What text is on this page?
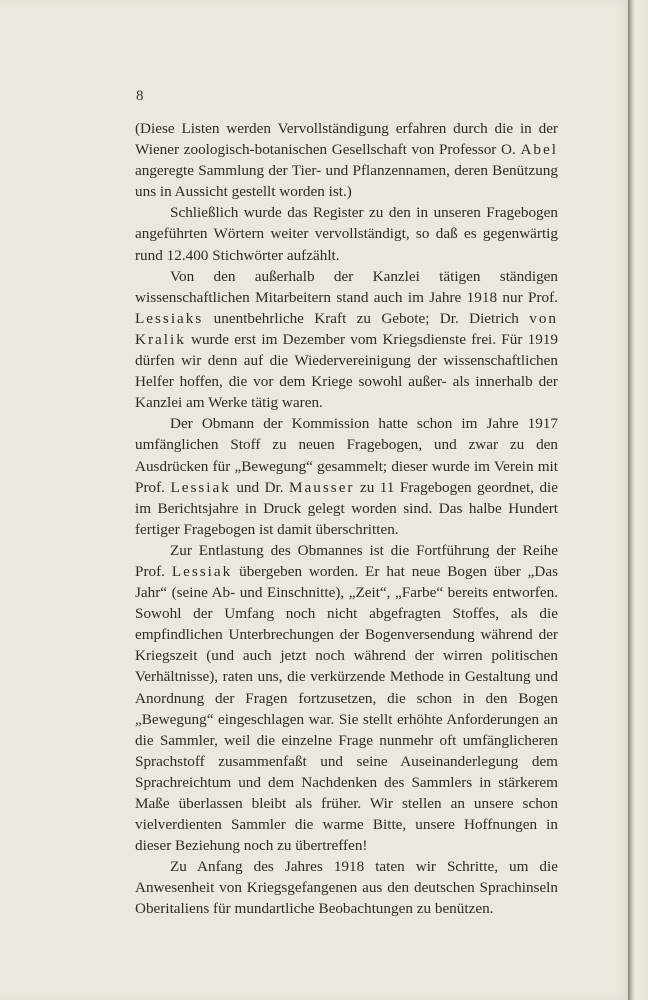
8

(Diese Listen werden Vervollständigung erfahren durch die in der Wiener zoologisch-botanischen Gesellschaft von Professor O. Abel angeregte Sammlung der Tier- und Pflanzennamen, deren Benützung uns in Aussicht gestellt worden ist.)

Schließlich wurde das Register zu den in unseren Fragebogen angeführten Wörtern weiter vervollständigt, so daß es gegenwärtig rund 12.400 Stichwörter aufzählt.

Von den außerhalb der Kanzlei tätigen ständigen wissenschaftlichen Mitarbeitern stand auch im Jahre 1918 nur Prof. Lessiaks unentbehrliche Kraft zu Gebote; Dr. Dietrich von Kralik wurde erst im Dezember vom Kriegsdienste frei. Für 1919 dürfen wir denn auf die Wiedervereinigung der wissenschaftlichen Helfer hoffen, die vor dem Kriege sowohl außer- als innerhalb der Kanzlei am Werke tätig waren.

Der Obmann der Kommission hatte schon im Jahre 1917 umfänglichen Stoff zu neuen Fragebogen, und zwar zu den Ausdrücken für „Bewegung“ gesammelt; dieser wurde im Verein mit Prof. Lessiak und Dr. Mausser zu 11 Fragebogen geordnet, die im Berichtsjahre in Druck gelegt worden sind. Das halbe Hundert fertiger Fragebogen ist damit überschritten.

Zur Entlastung des Obmannes ist die Fortführung der Reihe Prof. Lessiak übergeben worden. Er hat neue Bogen über „Das Jahr“ (seine Ab- und Einschnitte), „Zeit“, „Farbe“ bereits entworfen. Sowohl der Umfang noch nicht abgefragten Stoffes, als die empfindlichen Unterbrechungen der Bogenversendung während der Kriegszeit (und auch jetzt noch während der wirren politischen Verhältnisse), raten uns, die verkürzende Methode in Gestaltung und Anordnung der Fragen fortzusetzen, die schon in den Bogen „Bewegung“ eingeschlagen war. Sie stellt erhöhte Anforderungen an die Sammler, weil die einzelne Frage nunmehr oft umfänglicheren Sprachstoff zusammenfaßt und seine Auseinanderlegung dem Sprachreichtum und dem Nachdenken des Sammlers in stärkerem Maße überlassen bleibt als früher. Wir stellen an unsere schon vielverdienten Sammler die warme Bitte, unsere Hoffnungen in dieser Beziehung noch zu übertreffen!

Zu Anfang des Jahres 1918 taten wir Schritte, um die Anwesenheit von Kriegsgefangenen aus den deutschen Sprachinseln Oberitaliens für mundartliche Beobachtungen zu benützen.
